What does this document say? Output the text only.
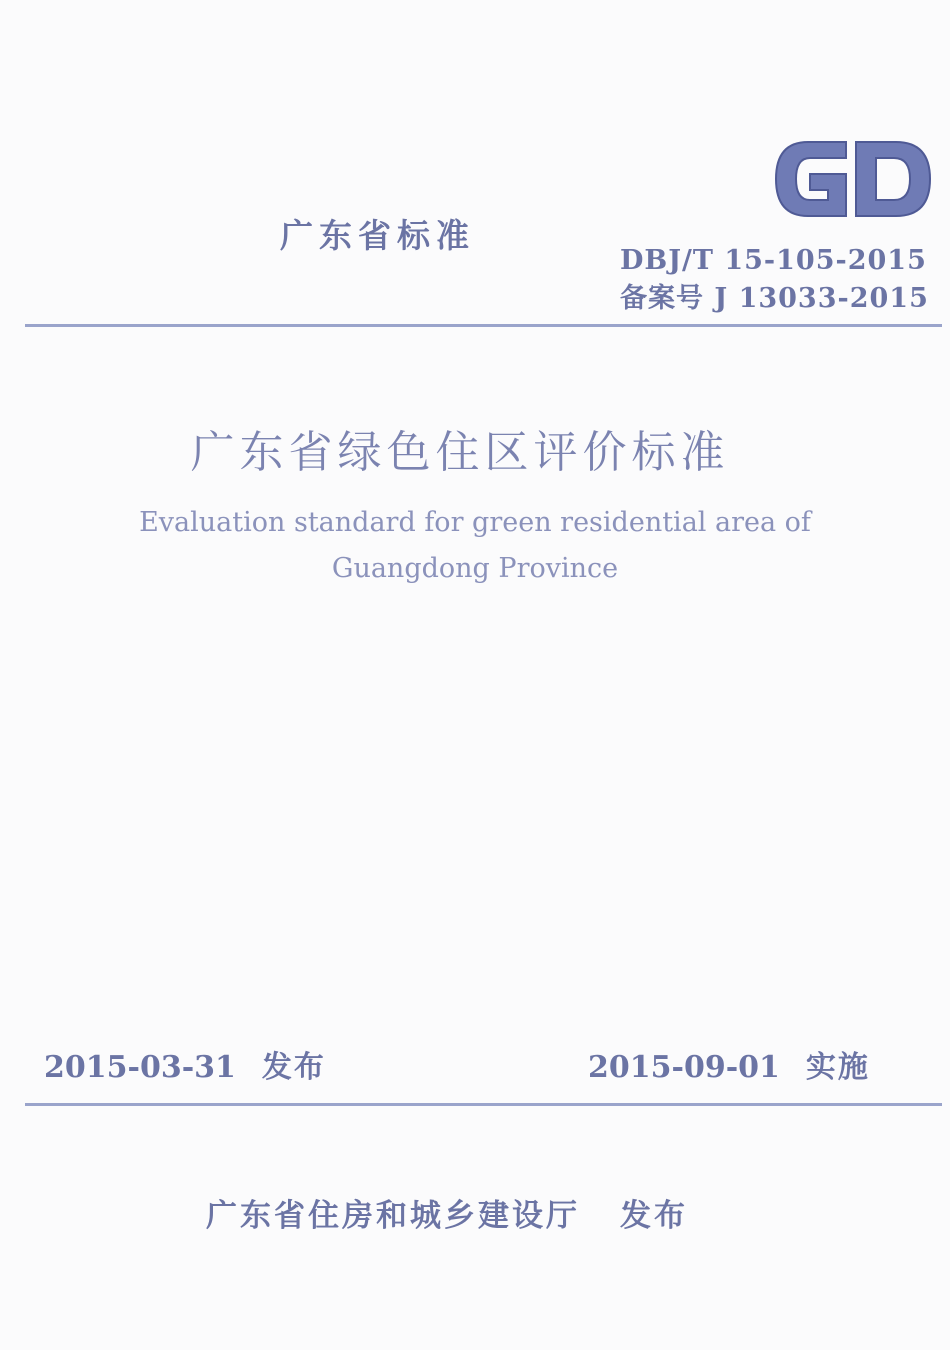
广东省标准
DBJ/T 15-105-2015
备案号 J 13033-2015
广东省绿色住区评价标准
Evaluation standard for green residential area of
Guangdong Province
2015-03-31 发布	2015-09-01 实施
广东省住房和城乡建设厅 发布
